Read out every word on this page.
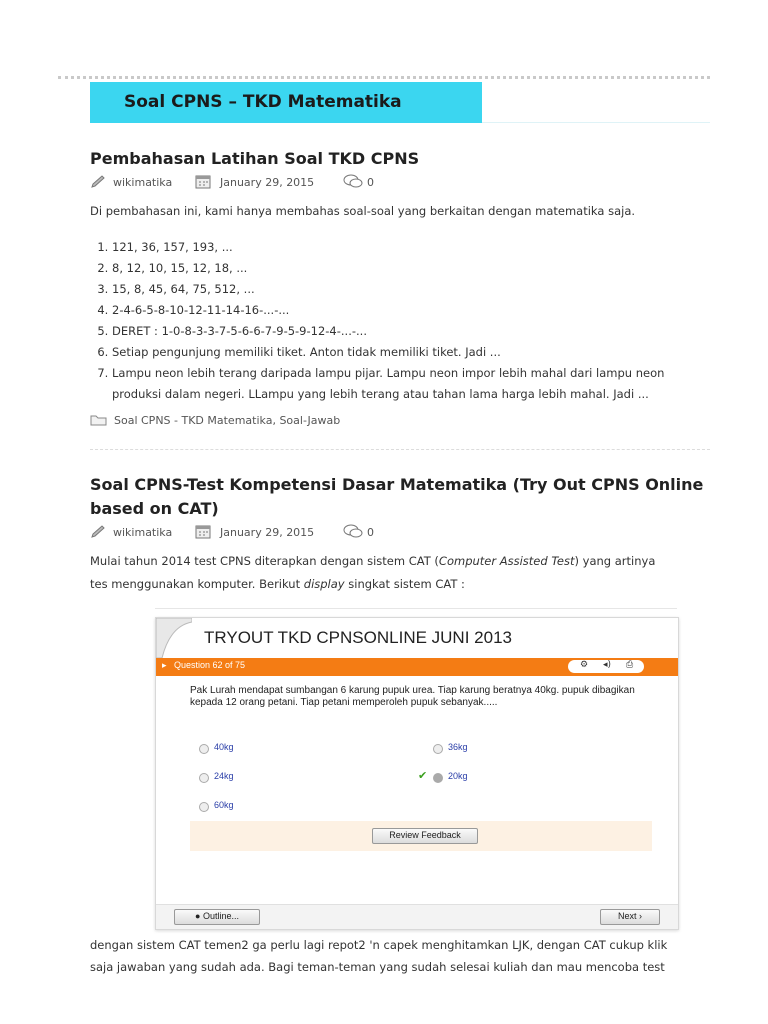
Soal CPNS – TKD Matematika
Pembahasan Latihan Soal TKD CPNS
wikimatika	January 29, 2015	0
Di pembahasan ini, kami hanya membahas soal-soal yang berkaitan dengan matematika saja.
1. 121, 36, 157, 193, ...
2. 8, 12, 10, 15, 12, 18, ...
3. 15, 8, 45, 64, 75, 512, ...
4. 2-4-6-5-8-10-12-11-14-16-...-...
5. DERET : 1-0-8-3-3-7-5-6-6-7-9-5-9-12-4-...-...
6. Setiap pengunjung memiliki tiket. Anton tidak memiliki tiket. Jadi ...
7. Lampu neon lebih terang daripada lampu pijar. Lampu neon impor lebih mahal dari lampu neon produksi dalam negeri. LLampu yang lebih terang atau tahan lama harga lebih mahal. Jadi ...
Soal CPNS - TKD Matematika, Soal-Jawab
Soal CPNS-Test Kompetensi Dasar Matematika (Try Out CPNS Online based on CAT)
wikimatika	January 29, 2015	0
Mulai tahun 2014 test CPNS diterapkan dengan sistem CAT (Computer Assisted Test) yang artinya
tes menggunakan komputer. Berikut display singkat sistem CAT :
TRYOUT TKD CPNSONLINE JUNI 2013
▸ Question 62 of 75	⚙ ◂) ⎙
Pak Lurah mendapat sumbangan 6 karung pupuk urea. Tiap karung beratnya 40kg. pupuk dibagikan kepada 12 orang petani. Tiap petani memperoleh pupuk sebanyak.....
40kg	36kg
24kg	✔ 20kg
60kg
Review Feedback
● Outline...	Next ›
dengan sistem CAT temen2 ga perlu lagi repot2 'n capek menghitamkan LJK, dengan CAT cukup klik
saja jawaban yang sudah ada. Bagi teman-teman yang sudah selesai kuliah dan mau mencoba test
